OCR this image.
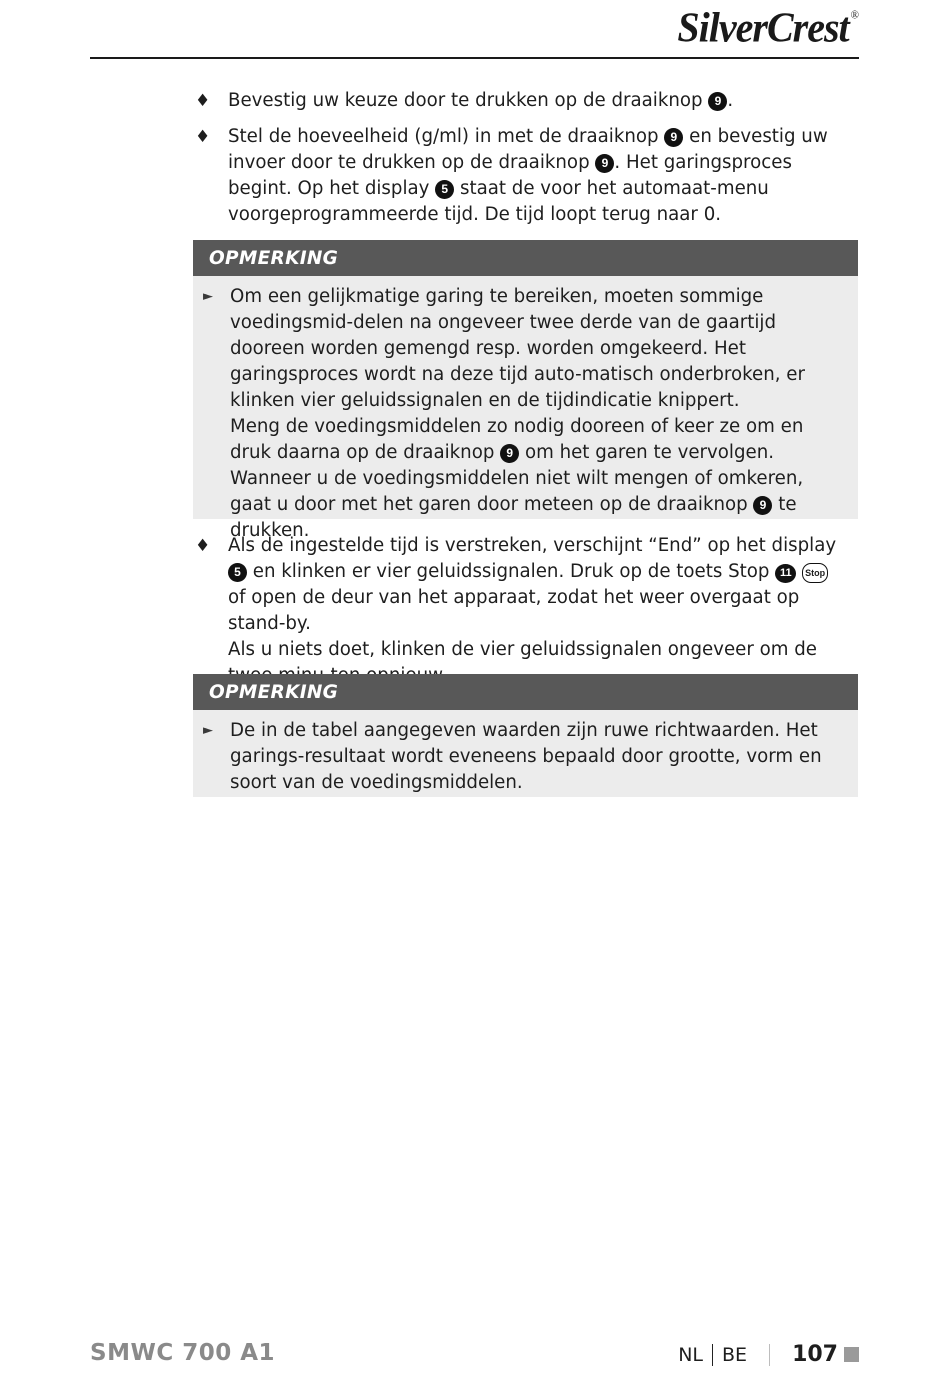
SilverCrest ®
♦ Bevestig uw keuze door te drukken op de draaiknop 9 .
♦ Stel de hoeveelheid (g/ml) in met de draaiknop 9 en bevestig uw invoer door te drukken op de draaiknop 9 . Het garingsproces begint. Op het display 5 staat de voor het automaat-menu voorgeprogrammeerde tijd. De tijd loopt terug naar 0.
OPMERKING
► Om een gelijkmatige garing te bereiken, moeten sommige voedingsmid-delen na ongeveer twee derde van de gaartijd dooreen worden gemengd resp. worden omgekeerd. Het garingsproces wordt na deze tijd auto-matisch onderbroken, er klinken vier geluidssignalen en de tijdindicatie knippert.

Meng de voedingsmiddelen zo nodig dooreen of keer ze om en druk daarna op de draaiknop 9 om het garen te vervolgen.

Wanneer u de voedingsmiddelen niet wilt mengen of omkeren, gaat u door met het garen door meteen op de draaiknop 9 te drukken.

♦ Als de ingestelde tijd is verstreken, verschijnt “End” op het display 5 en klinken er vier geluidssignalen. Druk op de toets Stop 11 Stop of open de deur van het apparaat, zodat het weer overgaat op stand-by.
Als u niets doet, klinken de vier geluidssignalen ongeveer om de
OPMERKING
► De in de tabel aangegeven waarden zijn ruwe richtwaarden. Het garings-resultaat wordt eveneens bepaald door grootte, vorm en soort van de voedingsmiddelen.

SMWC 700 A1	NL BE 107
